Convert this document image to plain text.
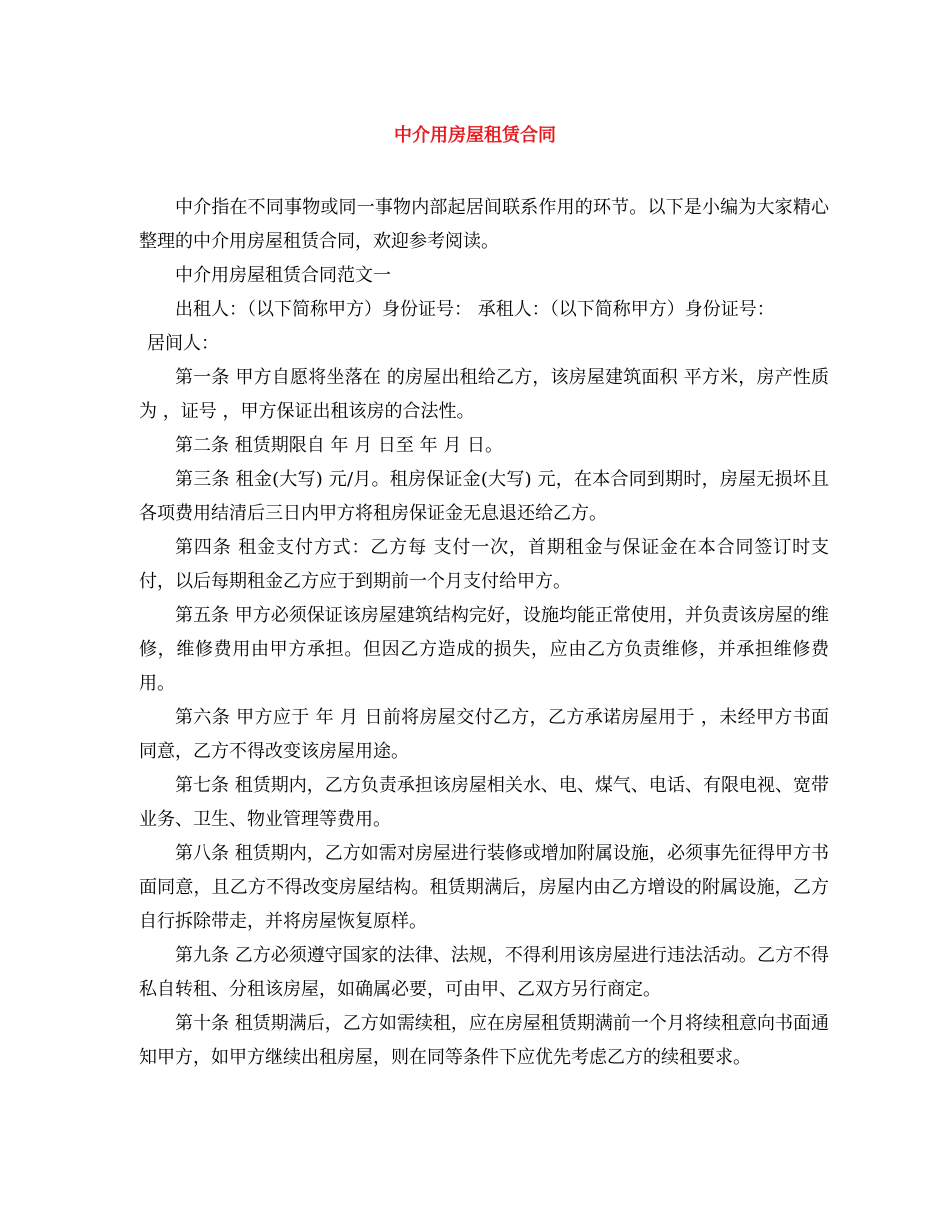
中介用房屋租赁合同

中介指在不同事物或同一事物内部起居间联系作用的环节。以下是小编为大家精心整理的中介用房屋租赁合同，欢迎参考阅读。

中介用房屋租赁合同范文一

出租人：（以下简称甲方）身份证号： 承租人：（以下简称甲方）身份证号：

居间人：

第一条 甲方自愿将坐落在 的房屋出租给乙方，该房屋建筑面积 平方米，房产性质为 ，证号 ，甲方保证出租该房的合法性。

第二条 租赁期限自 年 月 日至 年 月 日。

第三条 租金(大写) 元/月。租房保证金(大写) 元，在本合同到期时，房屋无损坏且各项费用结清后三日内甲方将租房保证金无息退还给乙方。

第四条 租金支付方式：乙方每 支付一次，首期租金与保证金在本合同签订时支付，以后每期租金乙方应于到期前一个月支付给甲方。

第五条 甲方必须保证该房屋建筑结构完好，设施均能正常使用，并负责该房屋的维修，维修费用由甲方承担。但因乙方造成的损失，应由乙方负责维修，并承担维修费用。

第六条 甲方应于 年 月 日前将房屋交付乙方，乙方承诺房屋用于 ，未经甲方书面同意，乙方不得改变该房屋用途。

第七条 租赁期内，乙方负责承担该房屋相关水、电、煤气、电话、有限电视、宽带业务、卫生、物业管理等费用。

第八条 租赁期内，乙方如需对房屋进行装修或增加附属设施，必须事先征得甲方书面同意，且乙方不得改变房屋结构。租赁期满后，房屋内由乙方增设的附属设施，乙方自行拆除带走，并将房屋恢复原样。

第九条 乙方必须遵守国家的法律、法规，不得利用该房屋进行违法活动。乙方不得私自转租、分租该房屋，如确属必要，可由甲、乙双方另行商定。

第十条 租赁期满后，乙方如需续租，应在房屋租赁期满前一个月将续租意向书面通知甲方，如甲方继续出租房屋，则在同等条件下应优先考虑乙方的续租要求。
